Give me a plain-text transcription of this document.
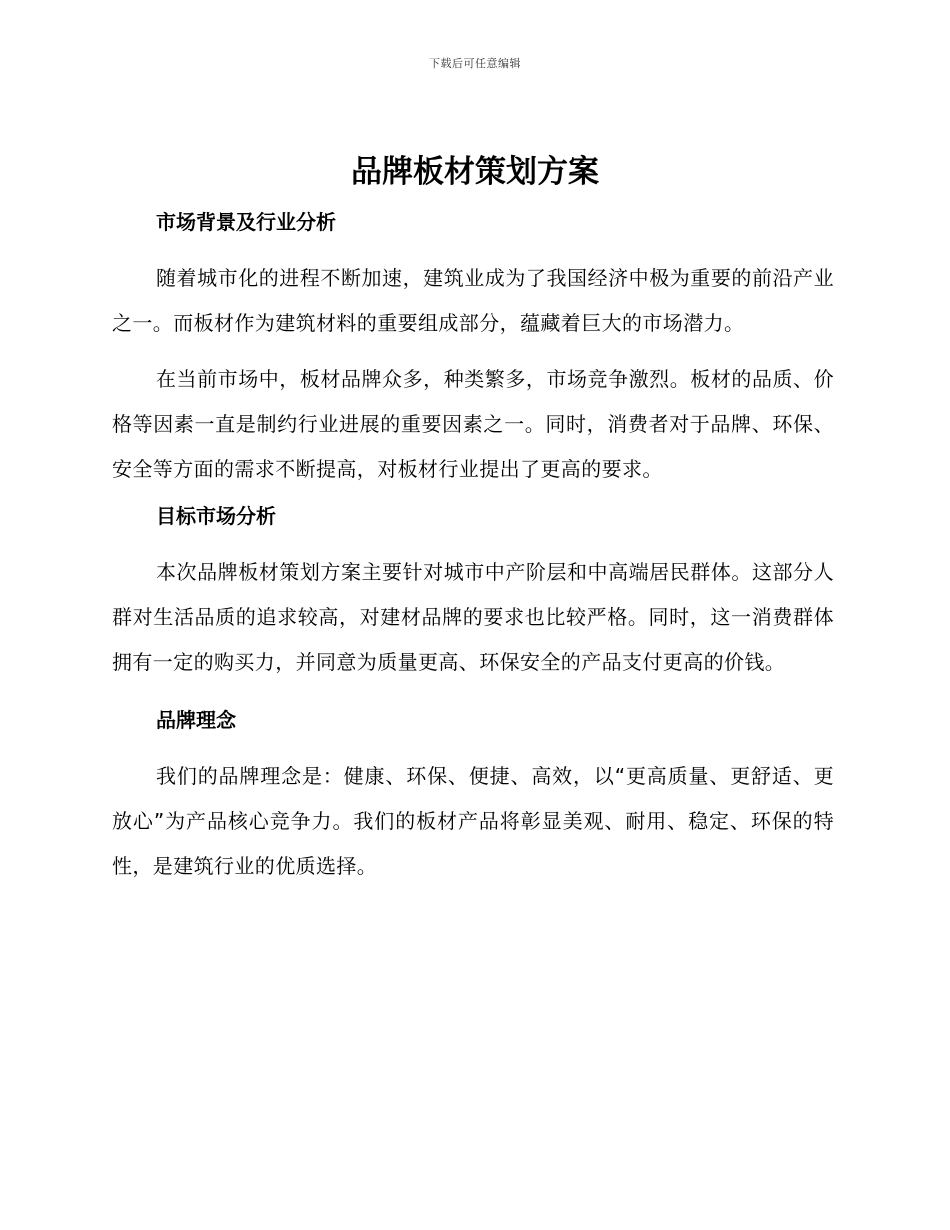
下载后可任意编辑
品牌板材策划方案
市场背景及行业分析

随着城市化的进程不断加速，建筑业成为了我国经济中极为重要的前沿产业之一。而板材作为建筑材料的重要组成部分，蕴藏着巨大的市场潜力。

在当前市场中，板材品牌众多，种类繁多，市场竞争激烈。板材的品质、价格等因素一直是制约行业进展的重要因素之一。同时，消费者对于品牌、环保、安全等方面的需求不断提高，对板材行业提出了更高的要求。

目标市场分析

本次品牌板材策划方案主要针对城市中产阶层和中高端居民群体。这部分人群对生活品质的追求较高，对建材品牌的要求也比较严格。同时，这一消费群体拥有一定的购买力，并同意为质量更高、环保安全的产品支付更高的价钱。

品牌理念

我们的品牌理念是：健康、环保、便捷、高效，以“更高质量、更舒适、更放心”为产品核心竞争力。我们的板材产品将彰显美观、耐用、稳定、环保的特性，是建筑行业的优质选择。
